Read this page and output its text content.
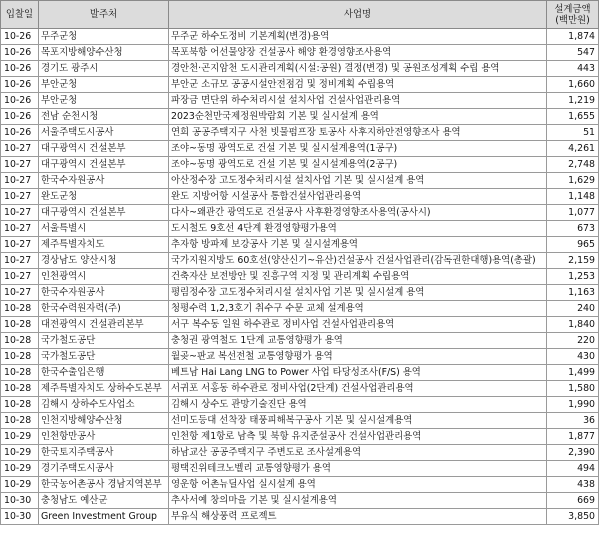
입찰일	발주처	사업명	설계금액
(백만원)

10-26	무주군청	무주군 하수도정비 기본계획(변경)용역	1,874
10-26	목포지방해양수산청	목포북항 어선물양장 건설공사 해양 환경영향조사용역	547
10-26	경기도 광주시	경안천·곤지암천 도시관리계획(시설:공원) 결정(변경) 및 공원조성계획 수립 용역	443
10-26	부안군청	부안군 소규모 공공시설안전점검 및 정비계획 수립용역	1,660
10-26	부안군청	파장금 면단위 하수처리시설 설치사업 건설사업관리용역	1,219
10-26	전남 순천시청	2023순천만국제정원박람회 기본 및 실시설계 용역	1,655
10-26	서울주택도시공사	연희 공공주택지구 사천 빗물펌프장 토공사 사후지하안전영향조사 용역	51
10-27	대구광역시 건설본부	조야~동명 광역도로 건설 기본 및 실시설계용역(1공구)	4,261
10-27	대구광역시 건설본부	조야~동명 광역도로 건설 기본 및 실시설계용역(2공구)	2,748
10-27	한국수자원공사	아산정수장 고도정수처리시설 설치사업 기본 및 실시설계 용역	1,629
10-27	완도군청	완도 지방어항 시설공사 통합건설사업관리용역	1,148
10-27	대구광역시 건설본부	다사~왜관간 광역도로 건설공사 사후환경영향조사용역(공사시)	1,077
10-27	서울특별시	도시철도 9호선 4단계 환경영향평가용역	673
10-27	제주특별자치도	추자항 방파제 보강공사 기본 및 실시설계용역	965
10-27	경상남도 양산시청	국가지원지방도 60호선(양산신기~유산)건설공사 건설사업관리(감독권한대행)용역(총괄)	2,159
10-27	인천광역시	건축자산 보전방안 및 진흥구역 지정 및 관리계획 수립용역	1,253
10-27	한국수자원공사	평림정수장 고도정수처리시설 설치사업 기본 및 실시설계 용역	1,163
10-28	한국수력원자력(주)	청평수력 1,2,3호기 취수구 수문 교체 설계용역	240
10-28	대전광역시 건설관리본부	서구 복수동 일원 하수관로 정비사업 건설사업관리용역	1,840
10-28	국가철도공단	충청권 광역철도 1단계 교통영향평가 용역	220
10-28	국가철도공단	월곶~판교 복선전철 교통영향평가 용역	430
10-28	한국수출입은행	베트남 Hai Lang LNG to Power 사업 타당성조사(F/S) 용역	1,499
10-28	제주특별자치도 상하수도본부	서귀포 서홍동 하수관로 정비사업(2단계) 건설사업관리용역	1,580
10-28	김해시 상하수도사업소	김해시 상수도 관망기술진단 용역	1,990
10-28	인천지방해양수산청	선미도등대 선착장 태풍피해복구공사 기본 및 실시설계용역	36
10-29	인천항만공사	인천항 제1항로 남측 및 북항 유지준설공사 건설사업관리용역	1,877
10-29	한국토지주택공사	하남교산 공공주택지구 주변도로 조사설계용역	2,390
10-29	경기주택도시공사	평택진위테크노벨리 교통영향평가 용역	494
10-29	한국농어촌공사 경남지역본부	영운항 어촌뉴딜사업 실시설계 용역	438
10-30	충청남도 예산군	추사서예 창의마을 기본 및 실시설계용역	669
10-30	Green Investment Group	부유식 해상풍력 프로젝트	3,850
